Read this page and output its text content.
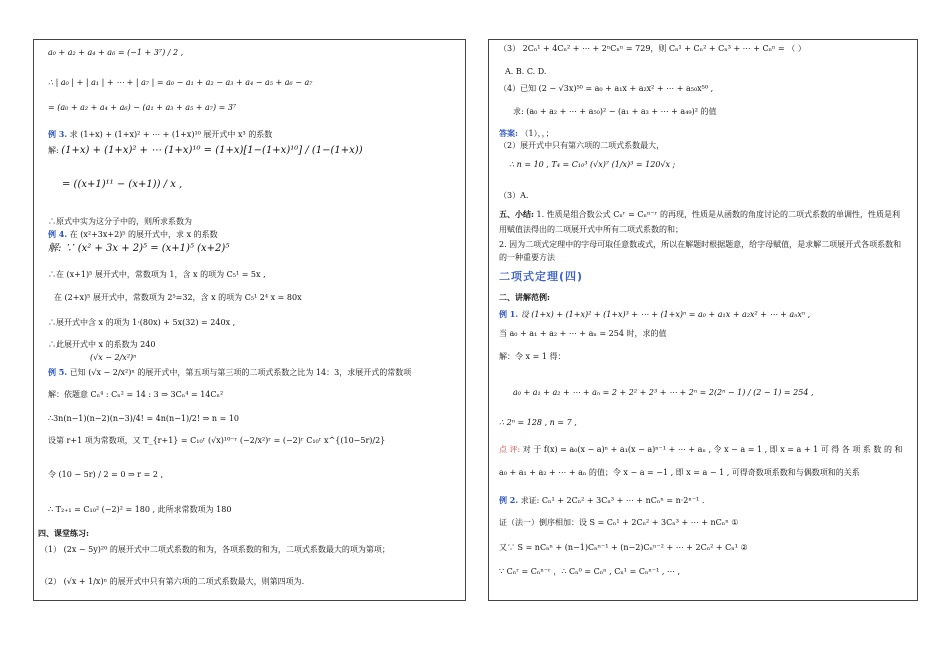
a₀ + a₂ + a₄ + a₆ = (−1 + 3⁷) / 2 ,
∴ | a₀ | + | a₁ | + ⋯ + | a₇ | = a₀ − a₁ + a₂ − a₃ + a₄ − a₅ + a₆ − a₇
= (a₀ + a₂ + a₄ + a₆) − (a₁ + a₃ + a₅ + a₇) = 3⁷
例 3. 求 (1+x) + (1+x)² + ⋯ + (1+x)¹⁰ 展开式中 x³ 的系数
解: (1+x) + (1+x)² + ⋯ (1+x)¹⁰ = (1+x)[1−(1+x)¹⁰] / (1−(1+x))
= ((x+1)¹¹ − (x+1)) / x ,
∴原式中实为这分子中的，则所求系数为
例 4. 在 (x²+3x+2)⁵ 的展开式中，求 x 的系数
解: ∵ (x² + 3x + 2)⁵ = (x+1)⁵ (x+2)⁵
∴在 (x+1)⁵ 展开式中，常数项为 1，含 x 的项为 C₅¹ = 5x ,
在 (2+x)⁵ 展开式中，常数项为 2⁵=32，含 x 的项为 C₅¹ 2⁴ x = 80x
∴展开式中含 x 的项为 1·(80x) + 5x(32) = 240x ,
∴此展开式中 x 的系数为 240
(√x − 2/x²)ⁿ
例 5. 已知 (√x − 2/x²)ⁿ 的展开式中，第五项与第三项的二项式系数之比为 14：3，求展开式的常数项
解：依题意 Cₙ⁴ : Cₙ² = 14 : 3 ⇒ 3Cₙ⁴ = 14Cₙ²
∴3n(n−1)(n−2)(n−3)/4! = 4n(n−1)/2! ⇒ n = 10
设第 r+1 项为常数项，又 T_{r+1} = C₁₀ʳ (√x)¹⁰⁻ʳ (−2/x²)ʳ = (−2)ʳ C₁₀ʳ x^{(10−5r)/2}
令 (10 − 5r) / 2 = 0 ⇒ r = 2 ,
∴ T₂₊₁ = C₁₀² (−2)² = 180 , 此所求常数项为 180
四、课堂练习:
（1） (2x − 5y)²⁰ 的展开式中二项式系数的和为，各项系数的和为，二项式系数最大的项为第项；
（2） (√x + 1/x)ⁿ 的展开式中只有第六项的二项式系数最大，则第四项为.
（3） 2Cₙ¹ + 4Cₙ² + ⋯ + 2ⁿCₙⁿ = 729，则 Cₙ¹ + Cₙ² + Cₙ³ + ⋯ + Cₙⁿ = （ ）
A. B. C. D.
（4）已知 (2 − √3x)⁵⁰ = a₀ + a₁x + a₂x² + ⋯ + a₅₀x⁵⁰ ,
求: (a₀ + a₂ + ⋯ + a₅₀)² − (a₁ + a₃ + ⋯ + a₄₉)² 的值
答案: （1），，；
（2）展开式中只有第六项的二项式系数最大，
∴ n = 10 , T₄ = C₁₀³ (√x)⁷ (1/x)³ = 120√x ;
（3）A.
五、小结: 1. 性质是组合数公式 Cₙʳ = Cₙⁿ⁻ʳ 的再现，性质是从函数的角度讨论的二项式系数的单调性，性质是利
用赋值法得出的二项展开式中所有二项式系数的和；
2. 因为二项式定理中的字母可取任意数或式，所以在解题时根据题意，给字母赋值，是求解二项展开式各项系数和
的一种重要方法
二项式定理(四)
二、讲解范例:
例 1. 设 (1+x) + (1+x)² + (1+x)³ + ⋯ + (1+x)ⁿ = a₀ + a₁x + a₂x² + ⋯ + aₙxⁿ ,
当 a₀ + a₁ + a₂ + ⋯ + aₙ = 254 时，求的值
解：令 x = 1 得：
a₀ + a₁ + a₂ + ⋯ + aₙ = 2 + 2² + 2³ + ⋯ + 2ⁿ = 2(2ⁿ − 1) / (2 − 1) = 254 ,
∴ 2ⁿ = 128 , n = 7 ,
点 评: 对 于 f(x) = a₀(x − a)ⁿ + a₁(x − a)ⁿ⁻¹ + ⋯ + aₙ , 令 x − a = 1 , 即 x = a + 1 可 得 各 项 系 数 的 和
a₀ + a₁ + a₂ + ⋯ + aₙ 的值；令 x − a = −1 , 即 x = a − 1 , 可得奇数项系数和与偶数项和的关系
例 2. 求证: Cₙ¹ + 2Cₙ² + 3Cₙ³ + ⋯ + nCₙⁿ = n·2ⁿ⁻¹ .
证（法一）倒序相加：设 S = Cₙ¹ + 2Cₙ² + 3Cₙ³ + ⋯ + nCₙⁿ ①
又∵ S = nCₙⁿ + (n−1)Cₙⁿ⁻¹ + (n−2)Cₙⁿ⁻² + ⋯ + 2Cₙ² + Cₙ¹ ②
∵ Cₙʳ = Cₙⁿ⁻ʳ ，∴ Cₙ⁰ = Cₙⁿ , Cₙ¹ = Cₙⁿ⁻¹ , ⋯ ,
